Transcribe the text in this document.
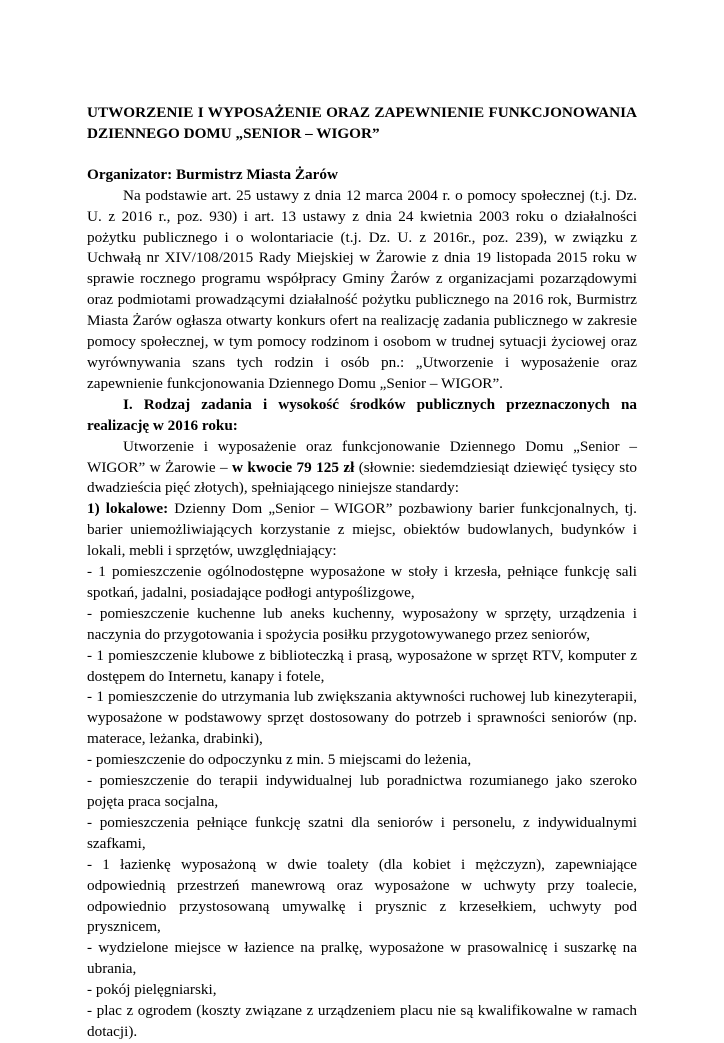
UTWORZENIE I WYPOSAŻENIE ORAZ ZAPEWNIENIE FUNKCJONOWANIA DZIENNEGO DOMU „SENIOR – WIGOR”

Organizator: Burmistrz Miasta Żarów

Na podstawie art. 25 ustawy z dnia 12 marca 2004 r. o pomocy społecznej (t.j. Dz. U. z 2016 r., poz. 930) i art. 13 ustawy z dnia 24 kwietnia 2003 roku o działalności pożytku publicznego i o wolontariacie (t.j. Dz. U. z 2016r., poz. 239), w związku z Uchwałą nr XIV/108/2015 Rady Miejskiej w Żarowie z dnia 19 listopada 2015 roku w sprawie rocznego programu współpracy Gminy Żarów z organizacjami pozarządowymi oraz podmiotami prowadzącymi działalność pożytku publicznego na 2016 rok, Burmistrz Miasta Żarów ogłasza otwarty konkurs ofert na realizację zadania publicznego w zakresie pomocy społecznej, w tym pomocy rodzinom i osobom w trudnej sytuacji życiowej oraz wyrównywania szans tych rodzin i osób pn.: „Utworzenie i wyposażenie oraz zapewnienie funkcjonowania Dziennego Domu „Senior – WIGOR”.

I. Rodzaj zadania i wysokość środków publicznych przeznaczonych na realizację w 2016 roku:

Utworzenie i wyposażenie oraz funkcjonowanie Dziennego Domu „Senior – WIGOR” w Żarowie – w kwocie 79 125 zł (słownie: siedemdziesiąt dziewięć tysięcy sto dwadzieścia pięć złotych), spełniającego niniejsze standardy:

1) lokalowe: Dzienny Dom „Senior – WIGOR” pozbawiony barier funkcjonalnych, tj. barier uniemożliwiających korzystanie z miejsc, obiektów budowlanych, budynków i lokali, mebli i sprzętów, uwzględniający:

- 1 pomieszczenie ogólnodostępne wyposażone w stoły i krzesła, pełniące funkcję sali spotkań, jadalni, posiadające podłogi antypoślizgowe,

- pomieszczenie kuchenne lub aneks kuchenny, wyposażony w sprzęty, urządzenia i naczynia do przygotowania i spożycia posiłku przygotowywanego przez seniorów,

- 1 pomieszczenie klubowe z biblioteczką i prasą, wyposażone w sprzęt RTV, komputer z dostępem do Internetu, kanapy i fotele,

- 1 pomieszczenie do utrzymania lub zwiększania aktywności ruchowej lub kinezyterapii, wyposażone w podstawowy sprzęt dostosowany do potrzeb i sprawności seniorów (np. materace, leżanka, drabinki),

- pomieszczenie do odpoczynku z min. 5 miejscami do leżenia,

- pomieszczenie do terapii indywidualnej lub poradnictwa rozumianego jako szeroko pojęta praca socjalna,

- pomieszczenia pełniące funkcję szatni dla seniorów i personelu, z indywidualnymi szafkami,

- 1 łazienkę wyposażoną w dwie toalety (dla kobiet i mężczyzn), zapewniające odpowiednią przestrzeń manewrową oraz wyposażone w uchwyty przy toalecie, odpowiednio przystosowaną umywalkę i prysznic z krzesełkiem, uchwyty pod prysznicem,

- wydzielone miejsce w łazience na pralkę, wyposażone w prasowalnicę i suszarkę na ubrania,

- pokój pielęgniarski,

- plac z ogrodem (koszty związane z urządzeniem placu nie są kwalifikowalne w ramach dotacji).
